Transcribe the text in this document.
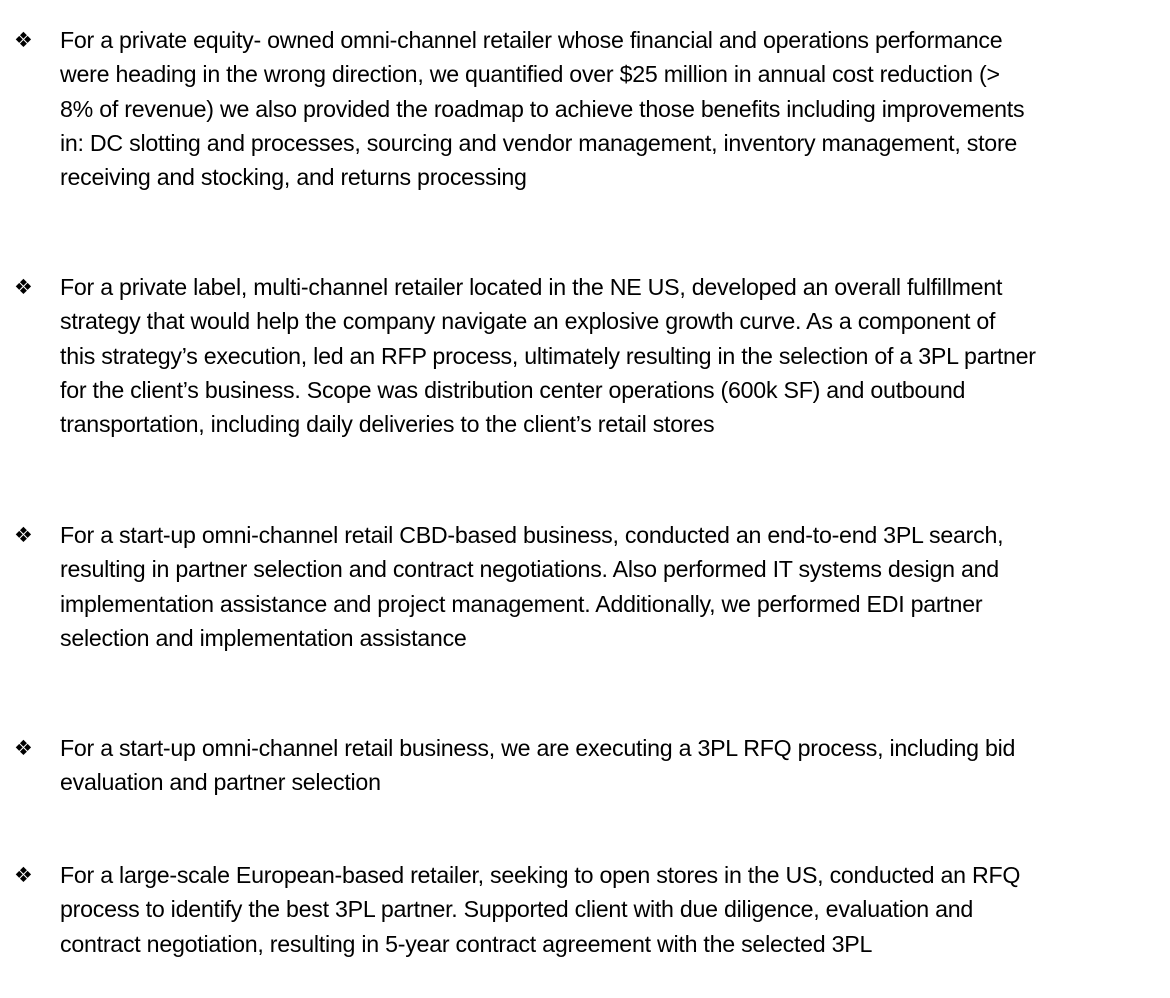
❖ For a private equity- owned omni-channel retailer whose financial and operations performance
were heading in the wrong direction, we quantified over $25 million in annual cost reduction (>
8% of revenue) we also provided the roadmap to achieve those benefits including improvements
in: DC slotting and processes, sourcing and vendor management, inventory management, store
receiving and stocking, and returns processing
❖ For a private label, multi-channel retailer located in the NE US, developed an overall fulfillment
strategy that would help the company navigate an explosive growth curve. As a component of
this strategy’s execution, led an RFP process, ultimately resulting in the selection of a 3PL partner
for the client’s business. Scope was distribution center operations (600k SF) and outbound
transportation, including daily deliveries to the client’s retail stores
❖ For a start-up omni-channel retail CBD-based business, conducted an end-to-end 3PL search,
resulting in partner selection and contract negotiations. Also performed IT systems design and
implementation assistance and project management. Additionally, we performed EDI partner
selection and implementation assistance
❖ For a start-up omni-channel retail business, we are executing a 3PL RFQ process, including bid
evaluation and partner selection
❖ For a large-scale European-based retailer, seeking to open stores in the US, conducted an RFQ
process to identify the best 3PL partner. Supported client with due diligence, evaluation and
contract negotiation, resulting in 5-year contract agreement with the selected 3PL
